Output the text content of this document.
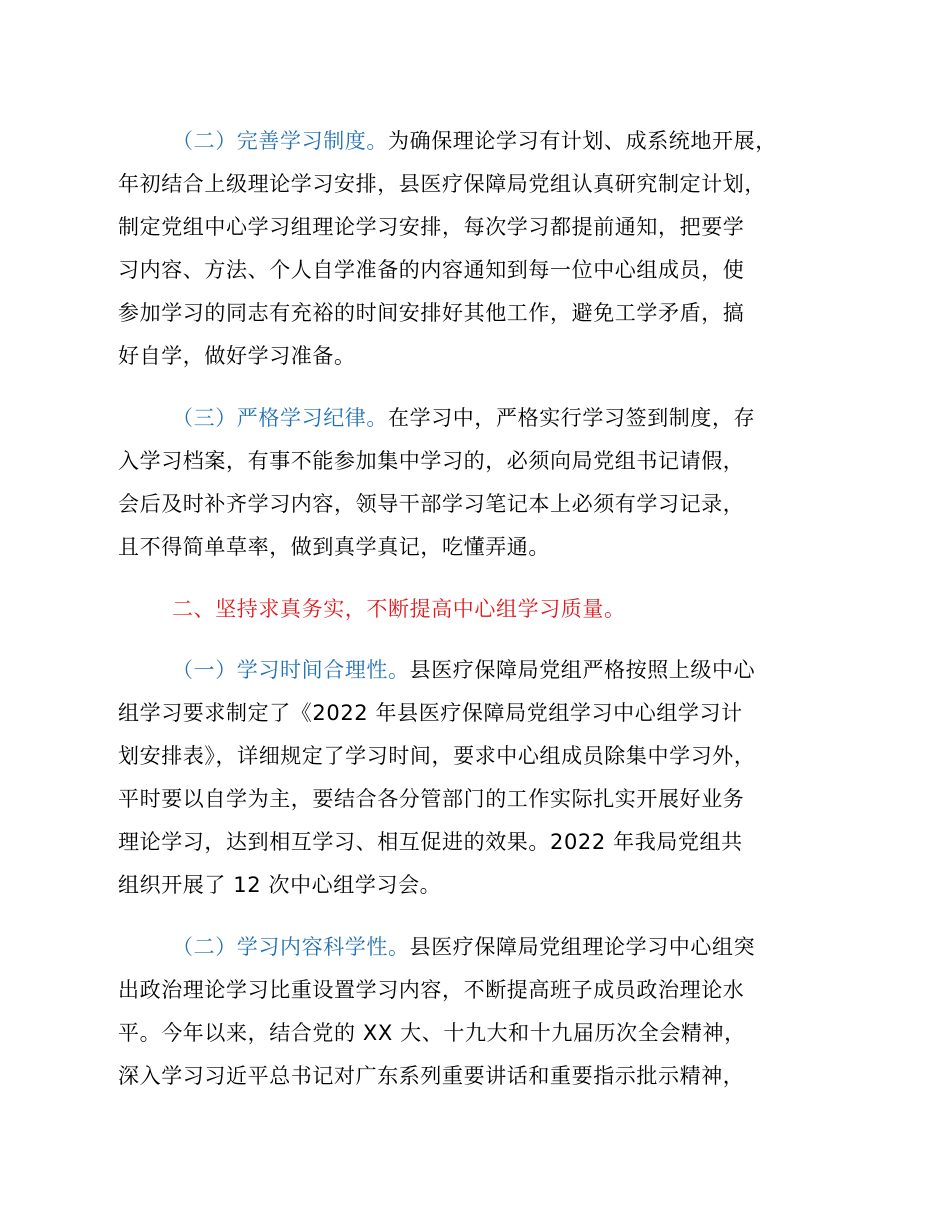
（二）完善学习制度。为确保理论学习有计划、成系统地开展，
年初结合上级理论学习安排，县医疗保障局党组认真研究制定计划，
制定党组中心学习组理论学习安排，每次学习都提前通知，把要学
习内容、方法、个人自学准备的内容通知到每一位中心组成员，使
参加学习的同志有充裕的时间安排好其他工作，避免工学矛盾，搞
好自学，做好学习准备。
（三）严格学习纪律。在学习中，严格实行学习签到制度，存
入学习档案，有事不能参加集中学习的，必须向局党组书记请假，
会后及时补齐学习内容，领导干部学习笔记本上必须有学习记录，
且不得简单草率，做到真学真记，吃懂弄通。
二、坚持求真务实，不断提高中心组学习质量。
（一）学习时间合理性。县医疗保障局党组严格按照上级中心
组学习要求制定了《2022 年县医疗保障局党组学习中心组学习计
划安排表》，详细规定了学习时间，要求中心组成员除集中学习外，
平时要以自学为主，要结合各分管部门的工作实际扎实开展好业务
理论学习，达到相互学习、相互促进的效果。2022 年我局党组共
组织开展了 12 次中心组学习会。
（二）学习内容科学性。县医疗保障局党组理论学习中心组突
出政治理论学习比重设置学习内容，不断提高班子成员政治理论水
平。今年以来，结合党的 XX 大、十九大和十九届历次全会精神，
深入学习习近平总书记对广东系列重要讲话和重要指示批示精神，
